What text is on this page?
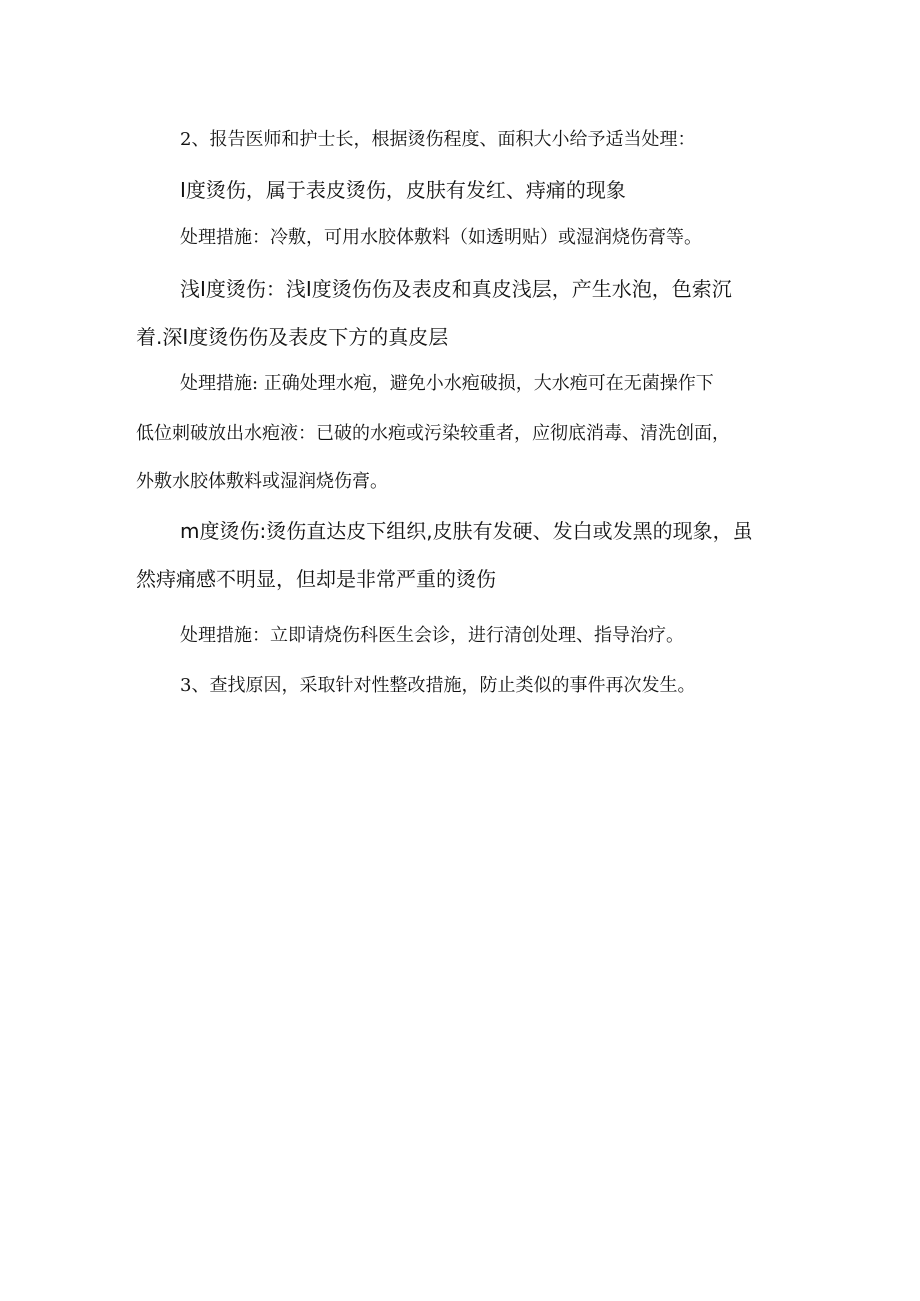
2、报告医师和护士长，根据烫伤程度、面积大小给予适当处理：
I度烫伤，属于表皮烫伤，皮肤有发红、痔痛的现象
处理措施：冷敷，可用水胶体敷料（如透明贴）或湿润烧伤膏等。
浅I度烫伤：浅I度烫伤伤及表皮和真皮浅层，产生水泡，色索沉
着.深I度烫伤伤及表皮下方的真皮层
处理措施: 正确处理水疱，避免小水疱破损，大水疱可在无菌操作下
低位刺破放出水疱液：已破的水疱或污染较重者，应彻底消毒、清洗创面，
外敷水胶体敷料或湿润烧伤膏。
m度烫伤:烫伤直达皮下组织,皮肤有发硬、发白或发黑的现象，虽
然痔痛感不明显，但却是非常严重的烫伤
处理措施：立即请烧伤科医生会诊，进行清创处理、指导治疗。
3、查找原因，采取针对性整改措施，防止类似的事件再次发生。
